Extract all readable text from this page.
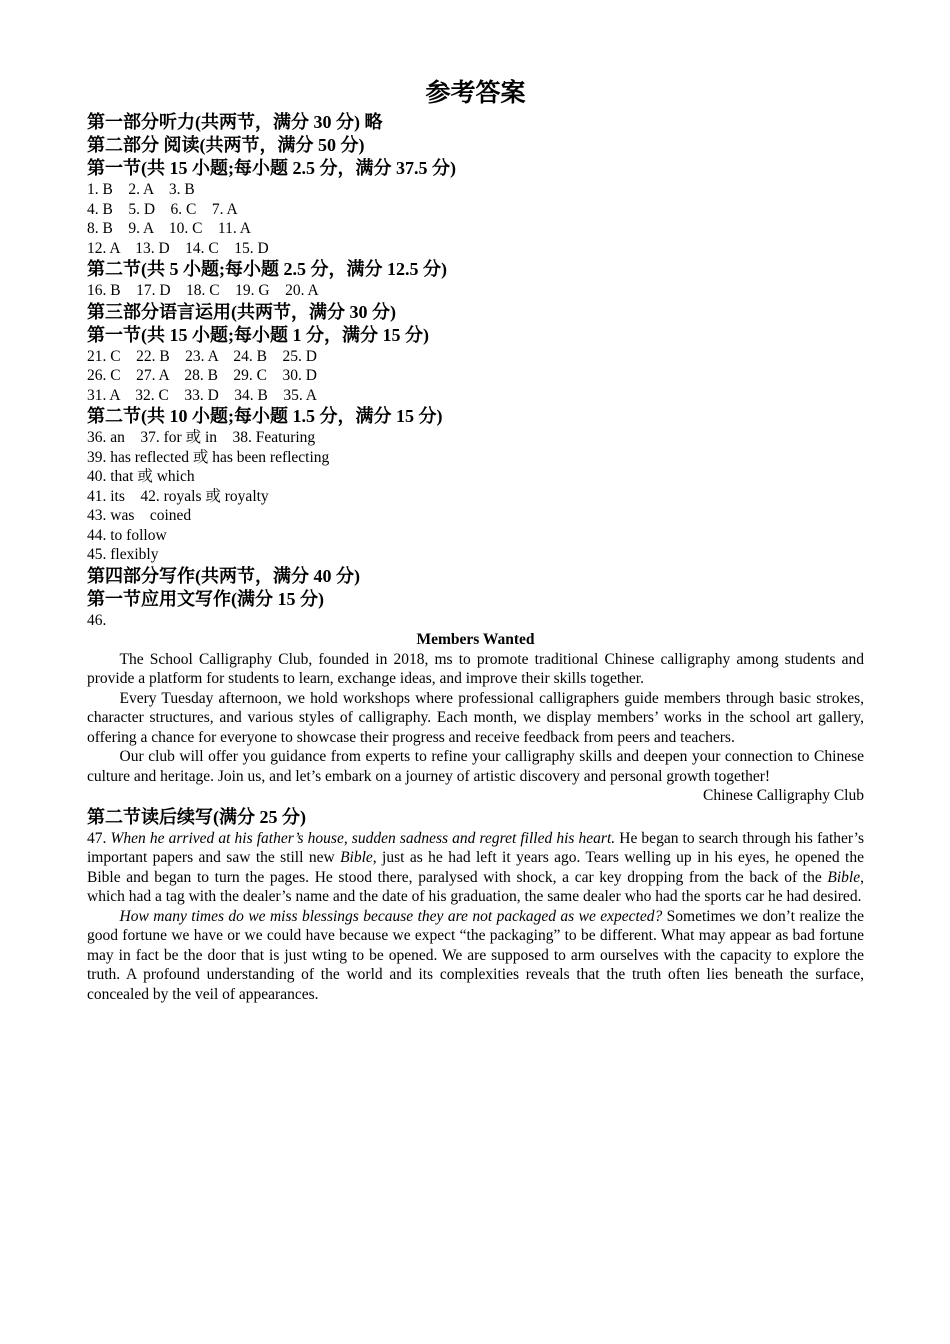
参考答案
第一部分听力(共两节，满分 30 分) 略
第二部分 阅读(共两节，满分 50 分)
第一节(共 15 小题;每小题 2.5 分，满分 37.5 分)
1. B    2. A    3. B
4. B    5. D    6. C    7. A
8. B    9. A    10. C    11. A
12. A    13. D    14. C    15. D
第二节(共 5 小题;每小题 2.5 分，满分 12.5 分)
16. B    17. D    18. C    19. G    20. A
第三部分语言运用(共两节，满分 30 分)
第一节(共 15 小题;每小题 1 分，满分 15 分)
21. C    22. B    23. A    24. B    25. D
26. C    27. A    28. B    29. C    30. D
31. A    32. C    33. D    34. B    35. A
第二节(共 10 小题;每小题 1.5 分，满分 15 分)
36. an    37. for 或 in    38. Featuring
39. has reflected 或 has been reflecting
40. that 或 which
41. its    42. royals 或 royalty
43. was    coined
44. to follow
45. flexibly
第四部分写作(共两节，满分 40 分)
第一节应用文写作(满分 15 分)
46.
Members Wanted

The School Calligraphy Club, founded in 2018, ms to promote traditional Chinese calligraphy among students and provide a platform for students to learn, exchange ideas, and improve their skills together.

Every Tuesday afternoon, we hold workshops where professional calligraphers guide members through basic strokes, character structures, and various styles of calligraphy. Each month, we display members’ works in the school art gallery, offering a chance for everyone to showcase their progress and receive feedback from peers and teachers.

Our club will offer you guidance from experts to refine your calligraphy skills and deepen your connection to Chinese culture and heritage. Join us, and let’s embark on a journey of artistic discovery and personal growth together!

Chinese Calligraphy Club
第二节读后续写(满分 25 分)

47. When he arrived at his father’s house, sudden sadness and regret filled his heart. He began to search through his father’s important papers and saw the still new Bible, just as he had left it years ago. Tears welling up in his eyes, he opened the Bible and began to turn the pages. He stood there, paralysed with shock, a car key dropping from the back of the Bible, which had a tag with the dealer’s name and the date of his graduation, the same dealer who had the sports car he had desired.

How many times do we miss blessings because they are not packaged as we expected? Sometimes we don’t realize the good fortune we have or we could have because we expect “the packaging” to be different. What may appear as bad fortune may in fact be the door that is just wting to be opened. We are supposed to arm ourselves with the capacity to explore the truth. A profound understanding of the world and its complexities reveals that the truth often lies beneath the surface, concealed by the veil of appearances.
